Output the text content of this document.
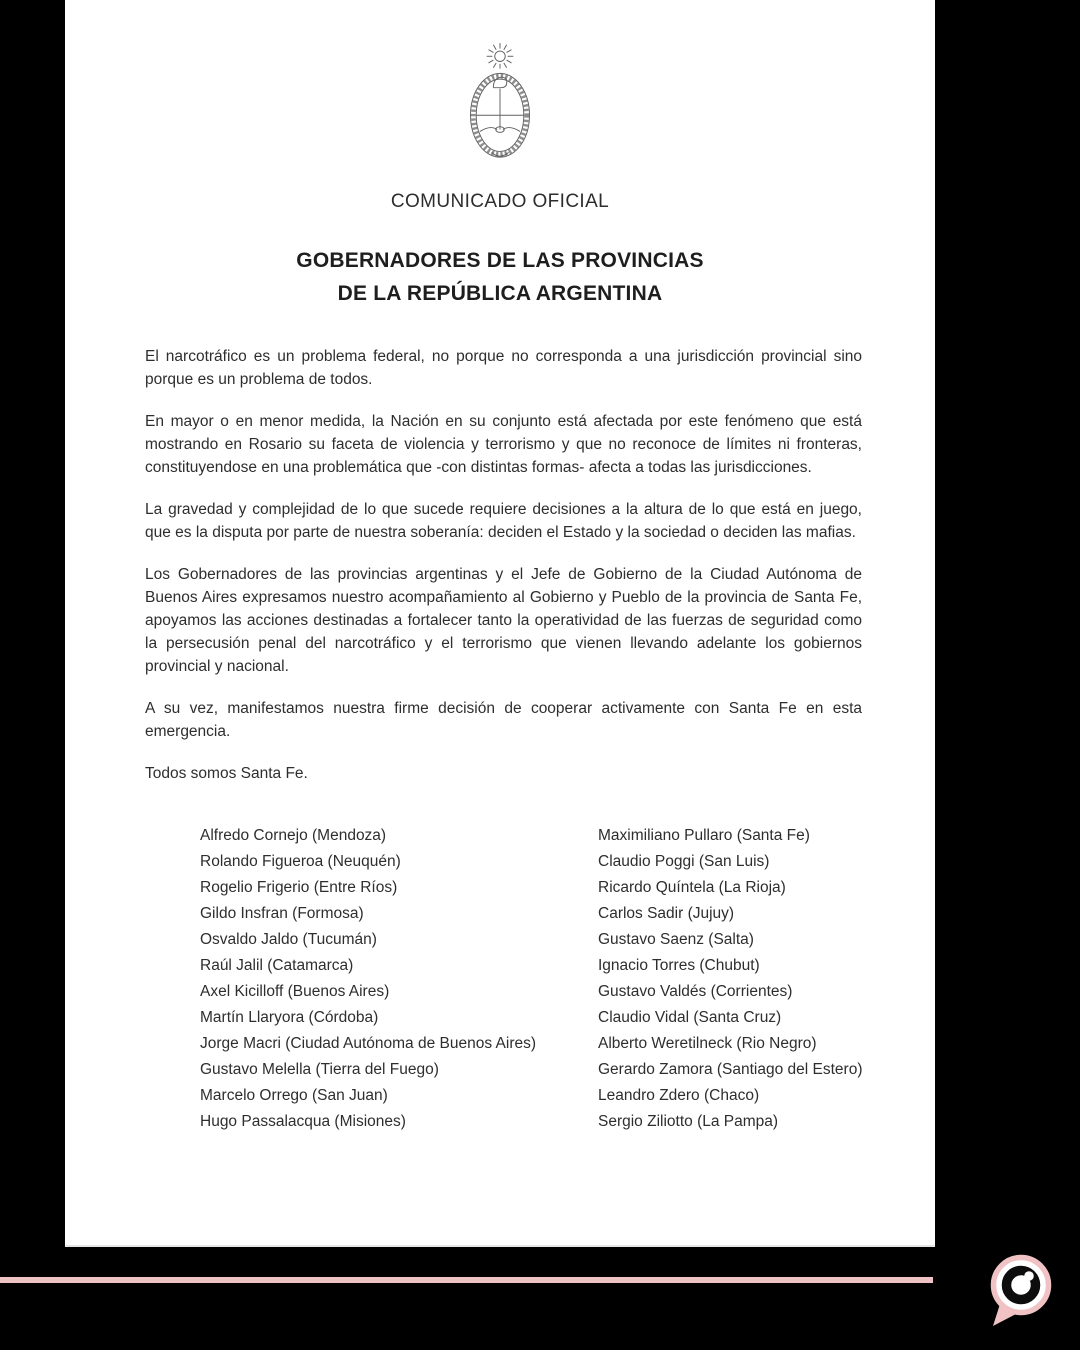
COMUNICADO OFICIAL
GOBERNADORES DE LAS PROVINCIAS
DE LA REPÚBLICA ARGENTINA

El narcotráfico es un problema federal, no porque no corresponda a una jurisdicción provincial sino porque es un problema de todos.

En mayor o en menor medida, la Nación en su conjunto está afectada por este fenómeno que está mostrando en Rosario su faceta de violencia y terrorismo y que no reconoce de límites ni fronteras, constituyendose en una problemática que -con distintas formas- afecta a todas las jurisdicciones.

La gravedad y complejidad de lo que sucede requiere decisiones a la altura de lo que está en juego, que es la disputa por parte de nuestra soberanía: deciden el Estado y la sociedad o deciden las mafias.

Los Gobernadores de las provincias argentinas y el Jefe de Gobierno de la Ciudad Autónoma de Buenos Aires expresamos nuestro acompañamiento al Gobierno y Pueblo de la provincia de Santa Fe, apoyamos las acciones destinadas a fortalecer tanto la operatividad de las fuerzas de seguridad como la persecusión penal del narcotráfico y el terrorismo que vienen llevando adelante los gobiernos provincial y nacional.

A su vez, manifestamos nuestra firme decisión de cooperar activamente con Santa Fe en esta emergencia.

Todos somos Santa Fe.

Alfredo Cornejo (Mendoza)
Rolando Figueroa (Neuquén)
Rogelio Frigerio (Entre Ríos)
Gildo Insfran (Formosa)
Osvaldo Jaldo (Tucumán)
Raúl Jalil (Catamarca)
Axel Kicilloff (Buenos Aires)
Martín Llaryora (Córdoba)
Jorge Macri (Ciudad Autónoma de Buenos Aires)
Gustavo Melella (Tierra del Fuego)
Marcelo Orrego (San Juan)
Hugo Passalacqua (Misiones)
Maximiliano Pullaro (Santa Fe)
Claudio Poggi (San Luis)
Ricardo Quíntela (La Rioja)
Carlos Sadir (Jujuy)
Gustavo Saenz (Salta)
Ignacio Torres (Chubut)
Gustavo Valdés (Corrientes)
Claudio Vidal (Santa Cruz)
Alberto Weretilneck (Rio Negro)
Gerardo Zamora (Santiago del Estero)
Leandro Zdero (Chaco)
Sergio Ziliotto (La Pampa)
